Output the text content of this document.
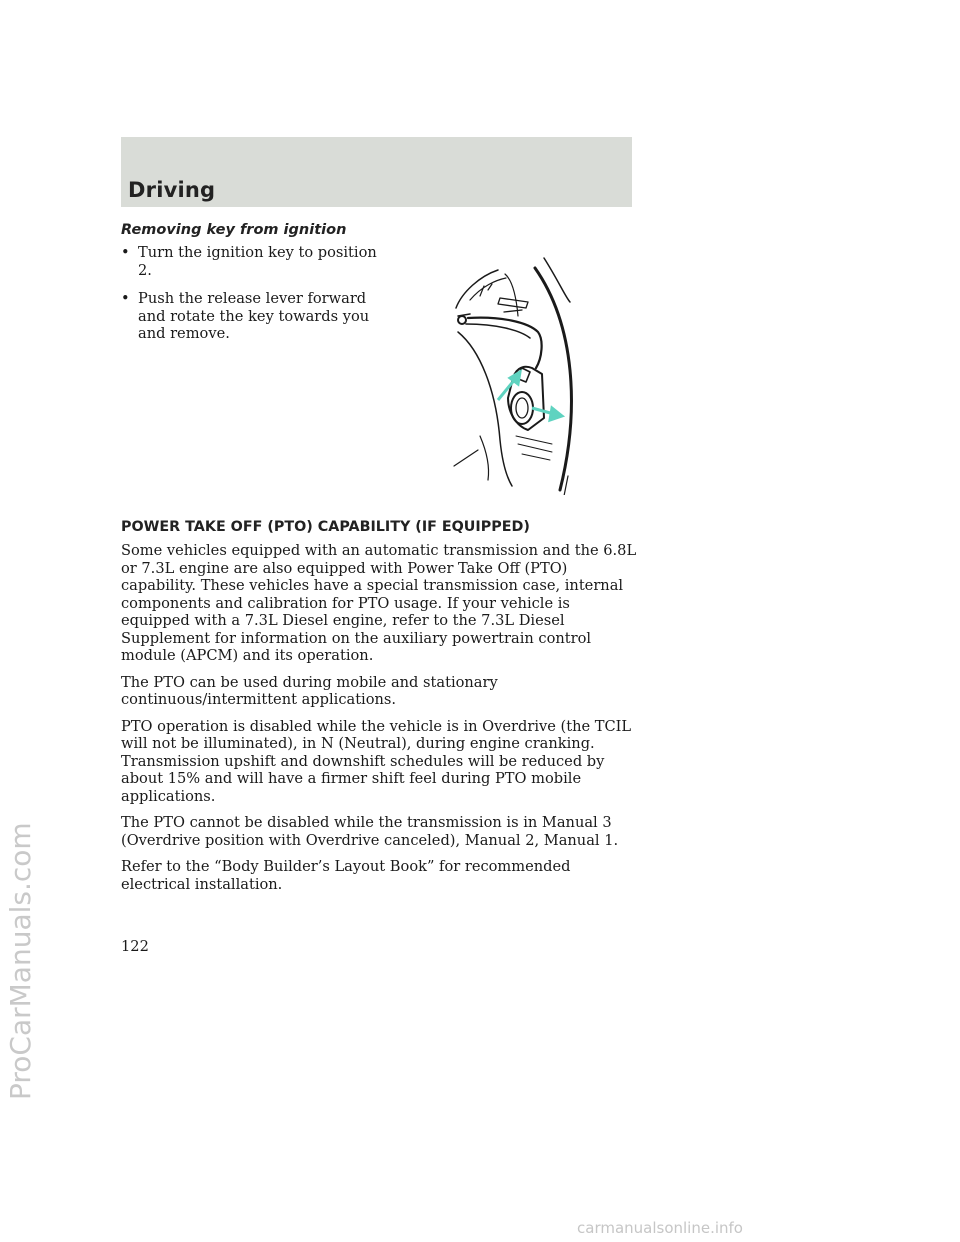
Driving
Removing key from ignition
• Turn the ignition key to position 2.
• Push the release lever forward and rotate the key towards you and remove.
POWER TAKE OFF (PTO) CAPABILITY (IF EQUIPPED)

Some vehicles equipped with an automatic transmission and the 6.8L or 7.3L engine are also equipped with Power Take Off (PTO) capability. These vehicles have a special transmission case, internal components and calibration for PTO usage. If your vehicle is equipped with a 7.3L Diesel engine, refer to the 7.3L Diesel Supplement for information on the auxiliary powertrain control module (APCM) and its operation.

The PTO can be used during mobile and stationary continuous/intermittent applications.

PTO operation is disabled while the vehicle is in Overdrive (the TCIL will not be illuminated), in N (Neutral), during engine cranking. Transmission upshift and downshift schedules will be reduced by about 15% and will have a firmer shift feel during PTO mobile applications.

The PTO cannot be disabled while the transmission is in Manual 3 (Overdrive position with Overdrive canceled), Manual 2, Manual 1.

Refer to the “Body Builder’s Layout Book” for recommended electrical installation.

122
ProCarManuals.com
carmanualsonline.info
